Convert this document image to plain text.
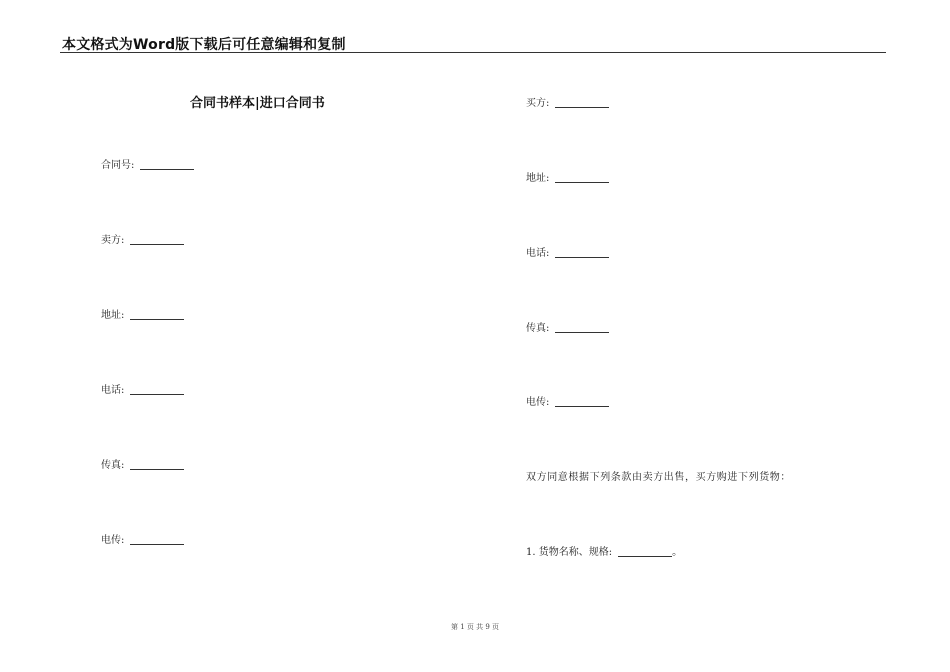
本文格式为Word版下载后可任意编辑和复制
合同书样本|进口合同书
合同号:
卖方:
地址:
电话:
传真:
电传:
买方:
地址:
电话:
传真:
电传:
双方同意根据下列条款由卖方出售，买方购进下列货物：
1. 货物名称、规格:	。
第 1 页 共 9 页
